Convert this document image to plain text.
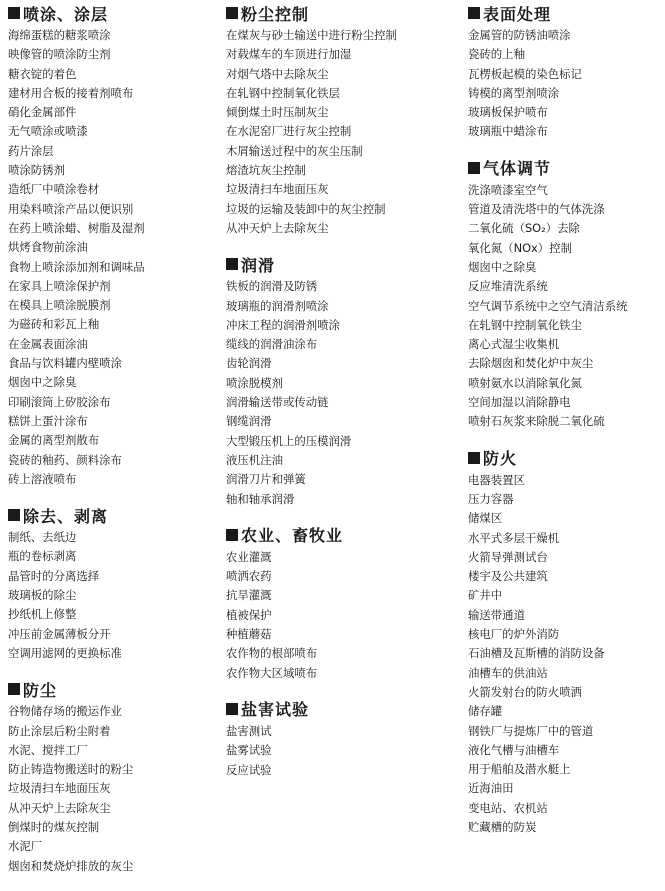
喷涂、涂层
海绵蛋糕的糖浆喷涂
映像管的喷涂防尘剂
糖衣锭的着色
建材用合板的接着剂喷布
硝化金属部件
无气喷涂或喷漆
药片涂层
喷涂防锈剂
造纸厂中喷涂卷材
用染料喷涂产品以便识别
在药上喷涂蜡、树脂及湿剂
烘烤食物前涂油
食物上喷涂添加剂和调味品
在家具上喷涂保护剂
在模具上喷涂脱膜剂
为磁砖和彩瓦上釉
在金属表面涂油
食品与饮料罐内壁喷涂
烟囱中之除臭
印刷滚筒上矽胶涂布
糕饼上蛋汁涂布
金属的离型剂散布
瓷砖的釉药、颜料涂布
砖上溶液喷布
除去、剥离
制纸、去纸边
瓶的卷标剥离
晶管时的分离选择
玻璃板的除尘
抄纸机上修整
冲压前金属薄板分开
空调用滤网的更换标准
防尘
谷物储存场的搬运作业
防止涂层后粉尘附着
水泥、搅拌工厂
防止铸造物搬送时的粉尘
垃圾清扫车地面压灰
从冲天炉上去除灰尘
倒煤时的煤灰控制
水泥厂
烟囱和焚烧炉排放的灰尘
粉尘控制
在煤灰与砂土输送中进行粉尘控制
对载煤车的车顶进行加湿
对烟气塔中去除灰尘
在轧钢中控制氧化铁层
倾倒煤土时压制灰尘
在水泥窑厂进行灰尘控制
木屑输送过程中的灰尘压制
熔渣坑灰尘控制
垃圾清扫车地面压灰
垃圾的运输及装卸中的灰尘控制
从冲天炉上去除灰尘
润滑
铁板的润滑及防锈
玻璃瓶的润滑剂喷涂
冲床工程的润滑剂喷涂
缆线的润滑油涂布
齿轮润滑
喷涂脱模剂
润滑输送带或传动链
钢缆润滑
大型锻压机上的压模润滑
液压机注油
润滑刀片和弹簧
轴和轴承润滑
农业、畜牧业
农业灌溉
喷洒农药
抗旱灌溉
植被保护
种植蘑菇
农作物的根部喷布
农作物大区域喷布
盐害试验
盐害测试
盐雾试验
反应试验
表面处理
金属管的防锈油喷涂
瓷砖的上釉
瓦楞板起模的染色标记
铸模的离型剂喷涂
玻璃板保护喷布
玻璃瓶中蜡涂布
气体调节
洗涤喷漆室空气
管道及清洗塔中的气体洗涤
二氧化硫（SO₂）去除
氧化氮（NOx）控制
烟囱中之除臭
反应堆清洗系统
空气调节系统中之空气清洁系统
在轧钢中控制氧化铁尘
离心式湿尘收集机
去除烟囱和焚化炉中灰尘
喷射氨水以消除氧化氮
空间加湿以消除静电
喷射石灰浆来除脱二氧化硫
防火
电器装置区
压力容器
储煤区
水平式多层干燥机
火箭导弹测试台
楼宇及公共建筑
矿井中
输送带通道
核电厂的炉外消防
石油槽及瓦斯槽的消防设备
油槽车的供油站
火箭发射台的防火喷洒
储存罐
钢铁厂与提炼厂中的管道
液化气槽与油槽车
用于船舶及潜水艇上
近海油田
变电站、农机站
贮藏槽的防炭
